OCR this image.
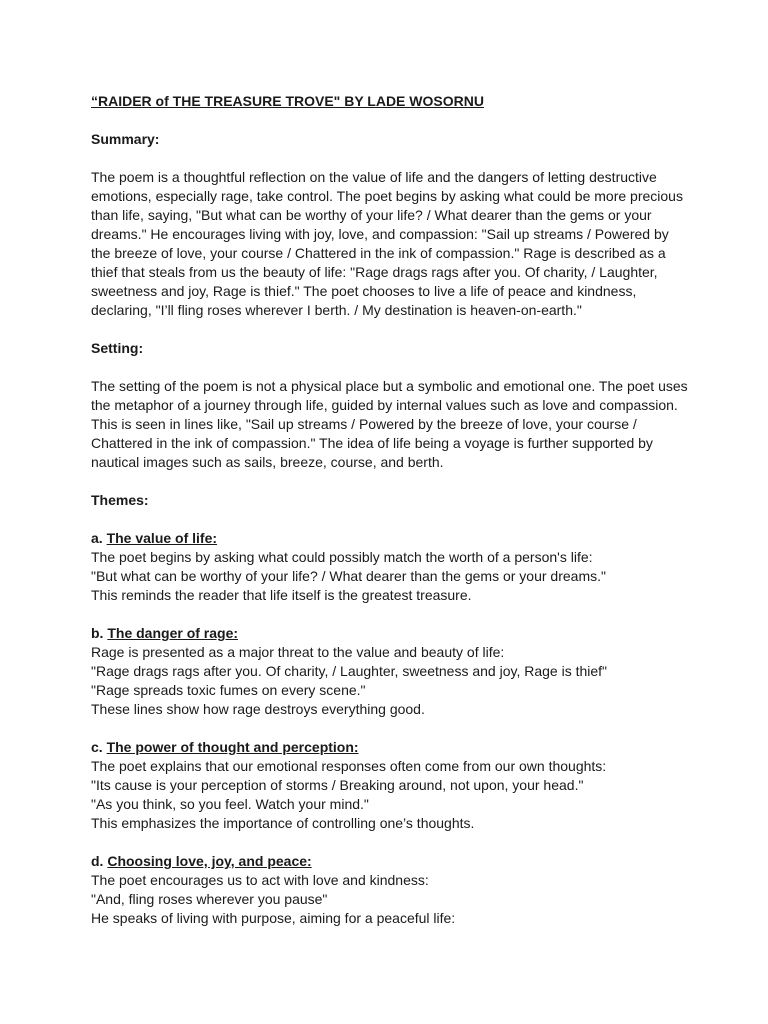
“RAIDER of THE TREASURE TROVE" BY LADE WOSORNU
Summary:
The poem is a thoughtful reflection on the value of life and the dangers of letting destructive emotions, especially rage, take control. The poet begins by asking what could be more precious than life, saying, "But what can be worthy of your life? / What dearer than the gems or your dreams." He encourages living with joy, love, and compassion: "Sail up streams / Powered by the breeze of love, your course / Chattered in the ink of compassion." Rage is described as a thief that steals from us the beauty of life: "Rage drags rags after you. Of charity, / Laughter, sweetness and joy, Rage is thief." The poet chooses to live a life of peace and kindness, declaring, "I’ll fling roses wherever I berth. / My destination is heaven-on-earth."
Setting:
The setting of the poem is not a physical place but a symbolic and emotional one. The poet uses the metaphor of a journey through life, guided by internal values such as love and compassion. This is seen in lines like, "Sail up streams / Powered by the breeze of love, your course / Chattered in the ink of compassion." The idea of life being a voyage is further supported by nautical images such as sails, breeze, course, and berth.
Themes:
a. The value of life:
The poet begins by asking what could possibly match the worth of a person's life:
"But what can be worthy of your life? / What dearer than the gems or your dreams."
This reminds the reader that life itself is the greatest treasure.
b. The danger of rage:
Rage is presented as a major threat to the value and beauty of life:
"Rage drags rags after you. Of charity, / Laughter, sweetness and joy, Rage is thief"
"Rage spreads toxic fumes on every scene."
These lines show how rage destroys everything good.
c. The power of thought and perception:
The poet explains that our emotional responses often come from our own thoughts:
"Its cause is your perception of storms / Breaking around, not upon, your head."
"As you think, so you feel. Watch your mind."
This emphasizes the importance of controlling one’s thoughts.
d. Choosing love, joy, and peace:
The poet encourages us to act with love and kindness:
"And, fling roses wherever you pause"
He speaks of living with purpose, aiming for a peaceful life:
